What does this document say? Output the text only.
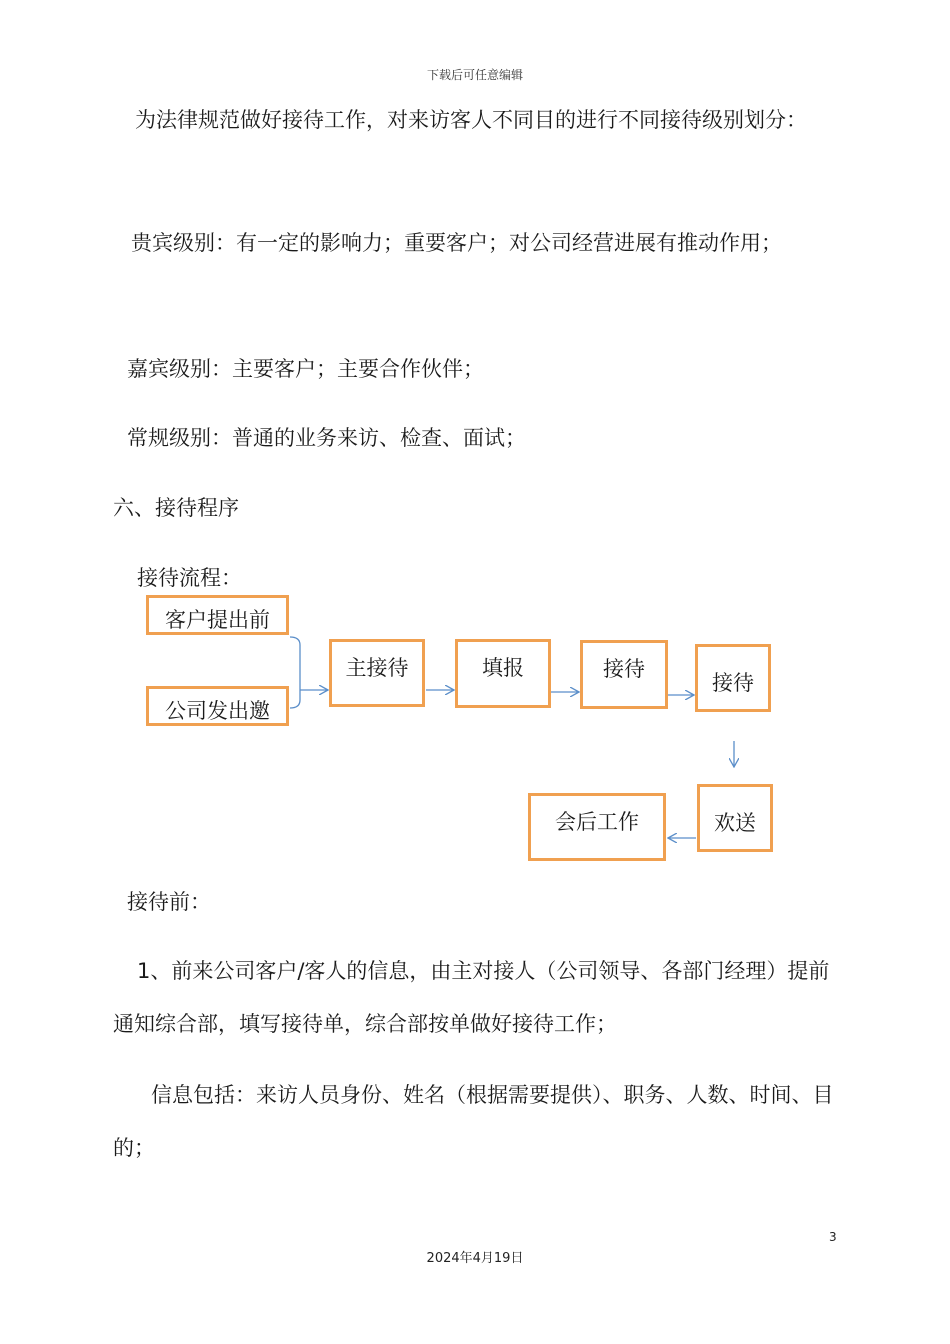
下载后可任意编辑

为法律规范做好接待工作，对来访客人不同目的进行不同接待级别划分：

贵宾级别：有一定的影响力；重要客户；对公司经营进展有推动作用；

嘉宾级别：主要客户；主要合作伙伴；

常规级别：普通的业务来访、检查、面试；

六、接待程序

接待流程：

客户提出前
公司发出邀
主接待	填报	接待
接待
欢送
会后工作

接待前：

1、前来公司客户/客人的信息，由主对接人（公司领导、各部门经理）提前通知综合部，填写接待单，综合部按单做好接待工作；

信息包括：来访人员身份、姓名（根据需要提供）、职务、人数、时间、目的；

3
2024年4月19日
